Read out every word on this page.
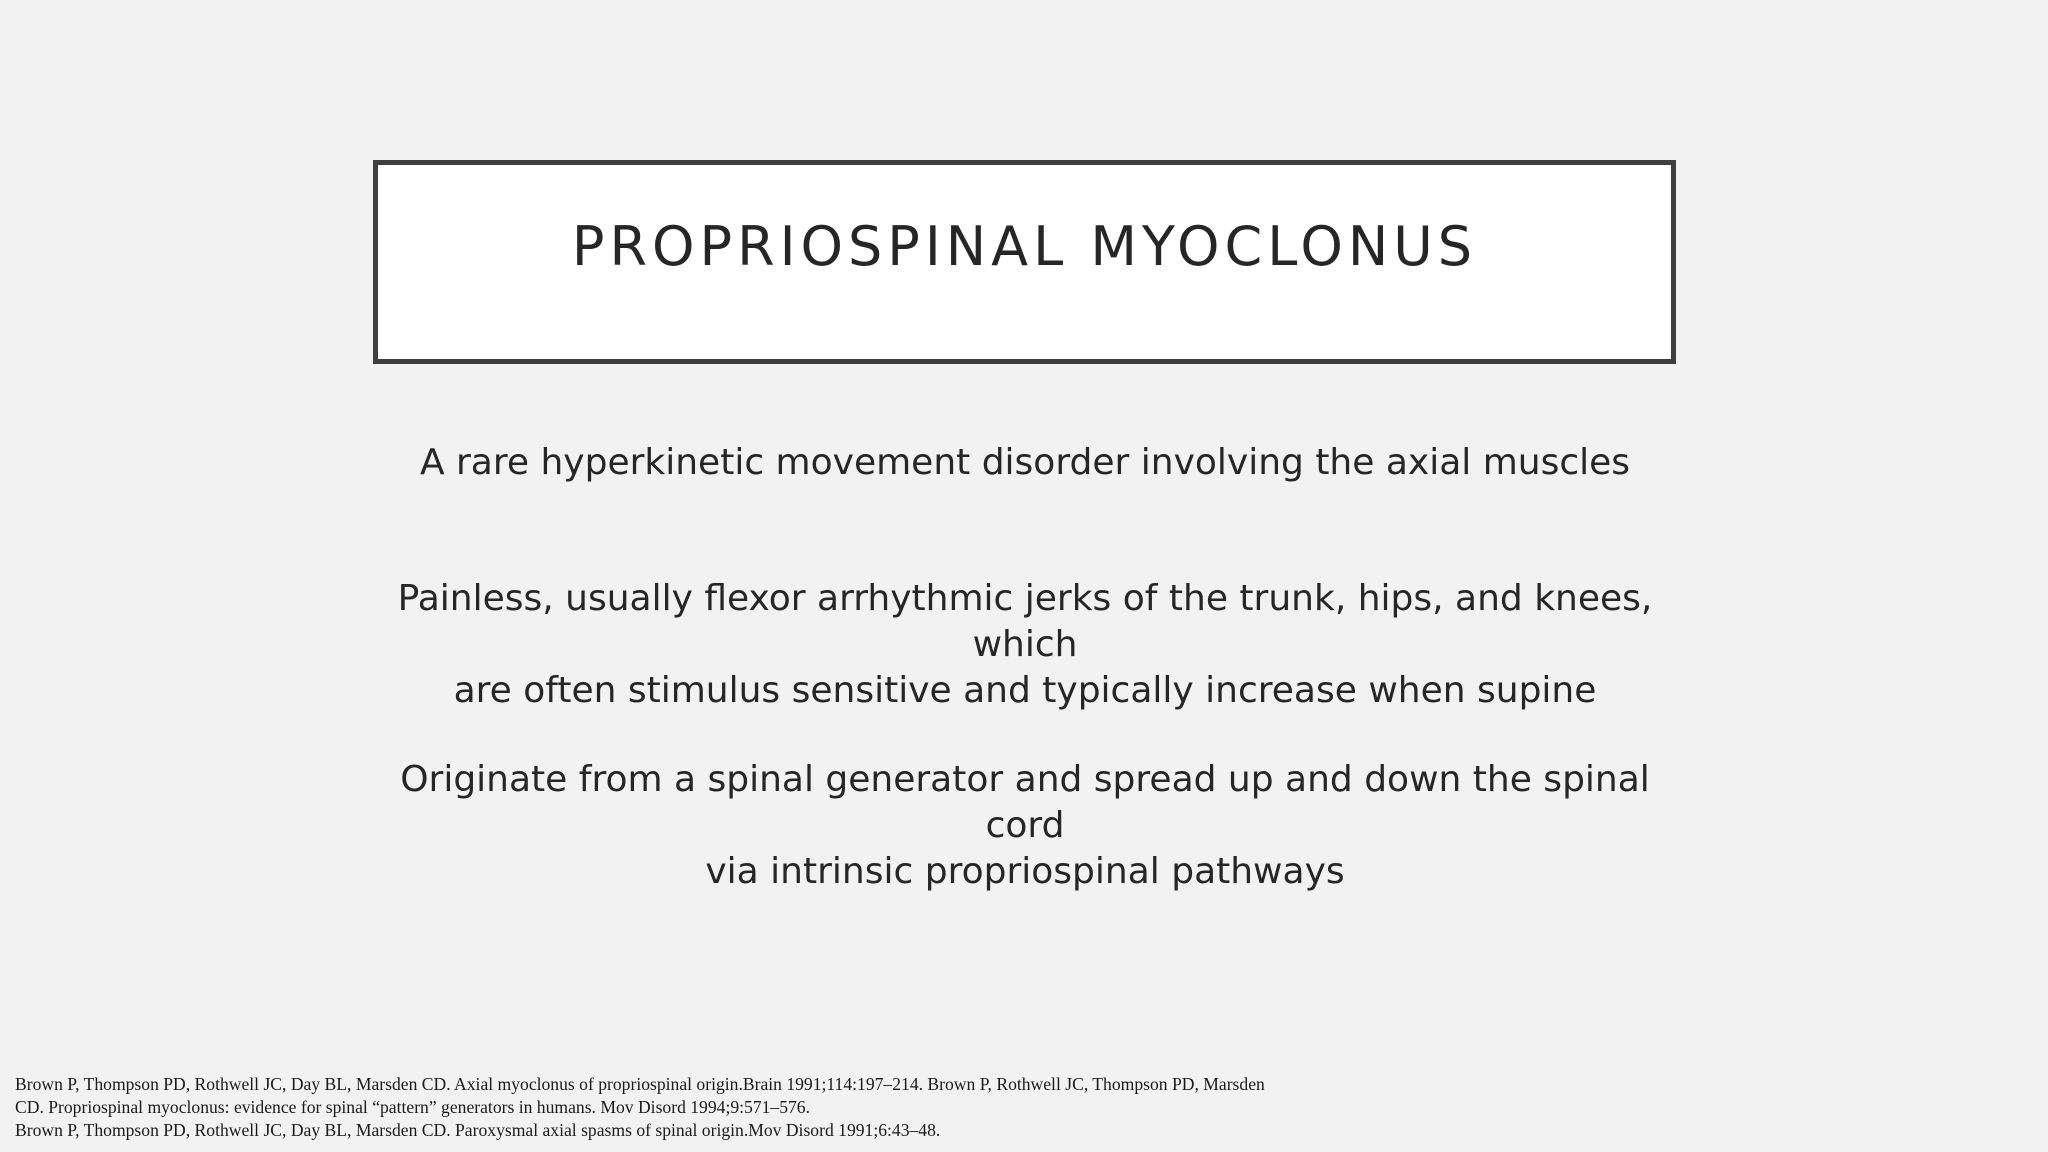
PROPRIOSPINAL MYOCLONUS

A rare hyperkinetic movement disorder involving the axial muscles

Painless, usually flexor arrhythmic jerks of the trunk, hips, and knees, which
are often stimulus sensitive and typically increase when supine

Originate from a spinal generator and spread up and down the spinal cord
via intrinsic propriospinal pathways

Brown P, Thompson PD, Rothwell JC, Day BL, Marsden CD. Axial myoclonus of propriospinal origin.Brain 1991;114:197–214. Brown P, Rothwell JC, Thompson PD, Marsden
CD. Propriospinal myoclonus: evidence for spinal “pattern” generators in humans. Mov Disord 1994;9:571–576.
Brown P, Thompson PD, Rothwell JC, Day BL, Marsden CD. Paroxysmal axial spasms of spinal origin.Mov Disord 1991;6:43–48.
